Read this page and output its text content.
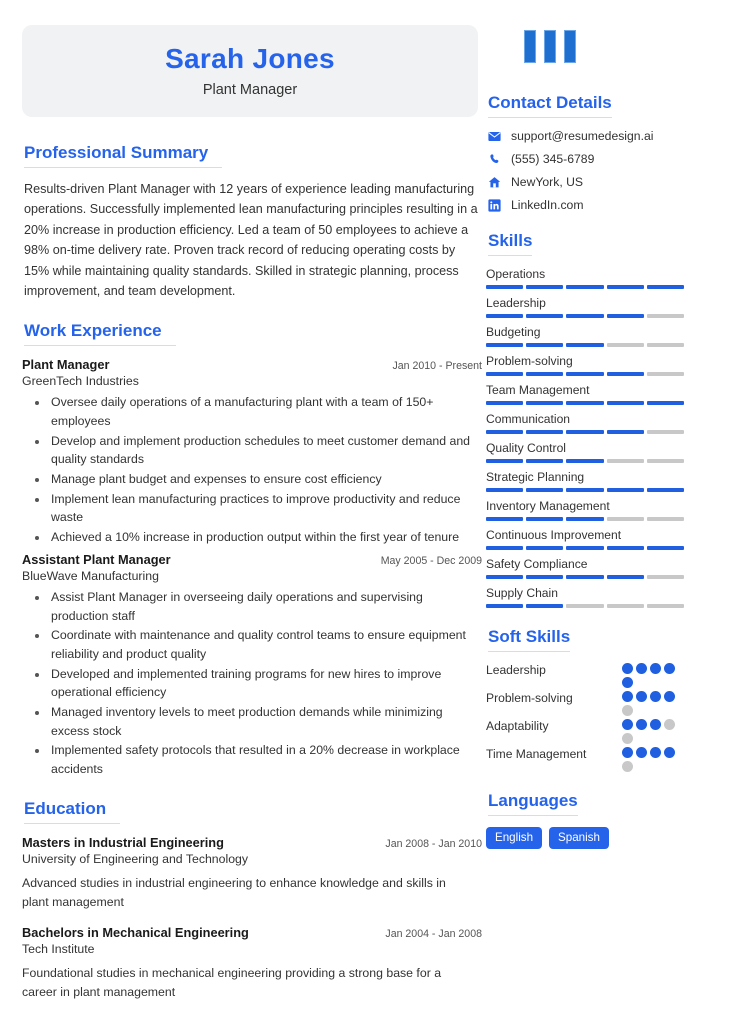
Sarah Jones
Plant Manager
Professional Summary
Results-driven Plant Manager with 12 years of experience leading manufacturing operations. Successfully implemented lean manufacturing principles resulting in a 20% increase in production efficiency. Led a team of 50 employees to achieve a 98% on-time delivery rate. Proven track record of reducing operating costs by 15% while maintaining quality standards. Skilled in strategic planning, process improvement, and team development.
Work Experience
Plant Manager	Jan 2010 - Present
GreenTech Industries
• Oversee daily operations of a manufacturing plant with a team of 150+ employees
• Develop and implement production schedules to meet customer demand and quality standards
• Manage plant budget and expenses to ensure cost efficiency
• Implement lean manufacturing practices to improve productivity and reduce waste
• Achieved a 10% increase in production output within the first year of tenure
Assistant Plant Manager	May 2005 - Dec 2009
BlueWave Manufacturing
• Assist Plant Manager in overseeing daily operations and supervising production staff
• Coordinate with maintenance and quality control teams to ensure equipment reliability and product quality
• Developed and implemented training programs for new hires to improve operational efficiency
• Managed inventory levels to meet production demands while minimizing excess stock
• Implemented safety protocols that resulted in a 20% decrease in workplace accidents
Education
Masters in Industrial Engineering	Jan 2008 - Jan 2010
University of Engineering and Technology
Advanced studies in industrial engineering to enhance knowledge and skills in plant management
Bachelors in Mechanical Engineering	Jan 2004 - Jan 2008
Tech Institute
Foundational studies in mechanical engineering providing a strong base for a career in plant management
Contact Details
support@resumedesign.ai
(555) 345-6789
NewYork, US
LinkedIn.com
Skills
Operations
Leadership
Budgeting
Problem-solving
Team Management
Communication
Quality Control
Strategic Planning
Inventory Management
Continuous Improvement
Safety Compliance
Supply Chain
Soft Skills
Leadership
Problem-solving
Adaptability
Time Management
Languages
English	Spanish
